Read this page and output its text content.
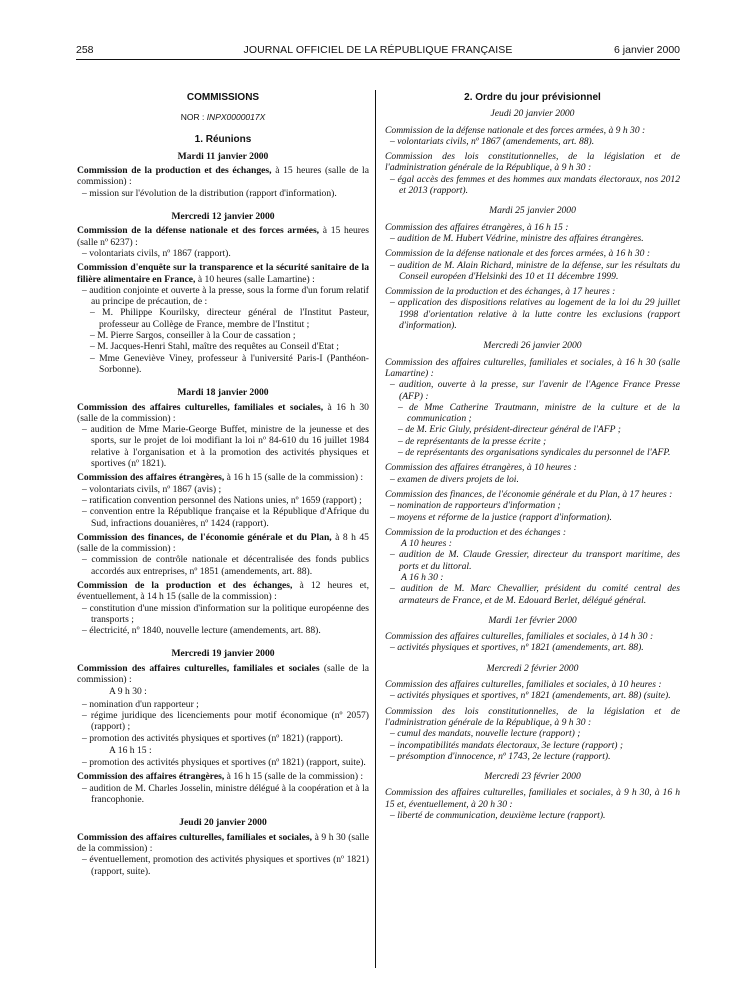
258	JOURNAL OFFICIEL DE LA RÉPUBLIQUE FRANÇAISE	6 janvier 2000

COMMISSIONS

NOR : INPX0000017X

1. Réunions

Mardi 11 janvier 2000

Commission de la production et des échanges, à 15 heures (salle de la commission) :

– mission sur l'évolution de la distribution (rapport d'information).

Mercredi 12 janvier 2000

Commission de la défense nationale et des forces armées, à 15 heures (salle nº 6237) :

– volontariats civils, nº 1867 (rapport).

Commission d'enquête sur la transparence et la sécurité sanitaire de la filière alimentaire en France, à 10 heures (salle Lamartine) :

– audition conjointe et ouverte à la presse, sous la forme d'un forum relatif au principe de précaution, de :

– M. Philippe Kourilsky, directeur général de l'Institut Pasteur, professeur au Collège de France, membre de l'Institut ;

– M. Pierre Sargos, conseiller à la Cour de cassation ;

– M. Jacques-Henri Stahl, maître des requêtes au Conseil d'Etat ;

– Mme Geneviève Viney, professeur à l'université Paris-I (Panthéon-Sorbonne).

Mardi 18 janvier 2000

Commission des affaires culturelles, familiales et sociales, à 16 h 30 (salle de la commission) :

– audition de Mme Marie-George Buffet, ministre de la jeunesse et des sports, sur le projet de loi modifiant la loi nº 84-610 du 16 juillet 1984 relative à l'organisation et à la promotion des activités physiques et sportives (nº 1821).

Commission des affaires étrangères, à 16 h 15 (salle de la commission) :

– volontariats civils, nº 1867 (avis) ;

– ratification convention personnel des Nations unies, nº 1659 (rapport) ;

– convention entre la République française et la République d'Afrique du Sud, infractions douanières, nº 1424 (rapport).

Commission des finances, de l'économie générale et du Plan, à 8 h 45 (salle de la commission) :

– commission de contrôle nationale et décentralisée des fonds publics accordés aux entreprises, nº 1851 (amendements, art. 88).

Commission de la production et des échanges, à 12 heures et, éventuellement, à 14 h 15 (salle de la commission) :

– constitution d'une mission d'information sur la politique européenne des transports ;

– électricité, nº 1840, nouvelle lecture (amendements, art. 88).

Mercredi 19 janvier 2000

Commission des affaires culturelles, familiales et sociales (salle de la commission) :

A 9 h 30 :

– nomination d'un rapporteur ;

– régime juridique des licenciements pour motif économique (nº 2057) (rapport) ;

– promotion des activités physiques et sportives (nº 1821) (rapport).

A 16 h 15 :

– promotion des activités physiques et sportives (nº 1821) (rapport, suite).

Commission des affaires étrangères, à 16 h 15 (salle de la commission) :

– audition de M. Charles Josselin, ministre délégué à la coopération et à la francophonie.

Jeudi 20 janvier 2000

Commission des affaires culturelles, familiales et sociales, à 9 h 30 (salle de la commission) :

– éventuellement, promotion des activités physiques et sportives (nº 1821) (rapport, suite).

2. Ordre du jour prévisionnel

Jeudi 20 janvier 2000

Commission de la défense nationale et des forces armées, à 9 h 30 :

– volontariats civils, nº 1867 (amendements, art. 88).

Commission des lois constitutionnelles, de la législation et de l'administration générale de la République, à 9 h 30 :

– égal accès des femmes et des hommes aux mandats électoraux, nos 2012 et 2013 (rapport).

Mardi 25 janvier 2000

Commission des affaires étrangères, à 16 h 15 :

– audition de M. Hubert Védrine, ministre des affaires étrangères.

Commission de la défense nationale et des forces armées, à 16 h 30 :

– audition de M. Alain Richard, ministre de la défense, sur les résultats du Conseil européen d'Helsinki des 10 et 11 décembre 1999.

Commission de la production et des échanges, à 17 heures :

– application des dispositions relatives au logement de la loi du 29 juillet 1998 d'orientation relative à la lutte contre les exclusions (rapport d'information).

Mercredi 26 janvier 2000

Commission des affaires culturelles, familiales et sociales, à 16 h 30 (salle Lamartine) :

– audition, ouverte à la presse, sur l'avenir de l'Agence France Presse (AFP) :

– de Mme Catherine Trautmann, ministre de la culture et de la communication ;

– de M. Eric Giuly, président-directeur général de l'AFP ;

– de représentants de la presse écrite ;

– de représentants des organisations syndicales du personnel de l'AFP.

Commission des affaires étrangères, à 10 heures :

– examen de divers projets de loi.

Commission des finances, de l'économie générale et du Plan, à 17 heures :

– nomination de rapporteurs d'information ;

– moyens et réforme de la justice (rapport d'information).

Commission de la production et des échanges :

A 10 heures :

– audition de M. Claude Gressier, directeur du transport maritime, des ports et du littoral.

A 16 h 30 :

– audition de M. Marc Chevallier, président du comité central des armateurs de France, et de M. Edouard Berlet, délégué général.

Mardi 1er février 2000

Commission des affaires culturelles, familiales et sociales, à 14 h 30 :

– activités physiques et sportives, nº 1821 (amendements, art. 88).

Mercredi 2 février 2000

Commission des affaires culturelles, familiales et sociales, à 10 heures :

– activités physiques et sportives, nº 1821 (amendements, art. 88) (suite).

Commission des lois constitutionnelles, de la législation et de l'administration générale de la République, à 9 h 30 :

– cumul des mandats, nouvelle lecture (rapport) ;

– incompatibilités mandats électoraux, 3e lecture (rapport) ;

– présomption d'innocence, nº 1743, 2e lecture (rapport).

Mercredi 23 février 2000

Commission des affaires culturelles, familiales et sociales, à 9 h 30, à 16 h 15 et, éventuellement, à 20 h 30 :

– liberté de communication, deuxième lecture (rapport).
